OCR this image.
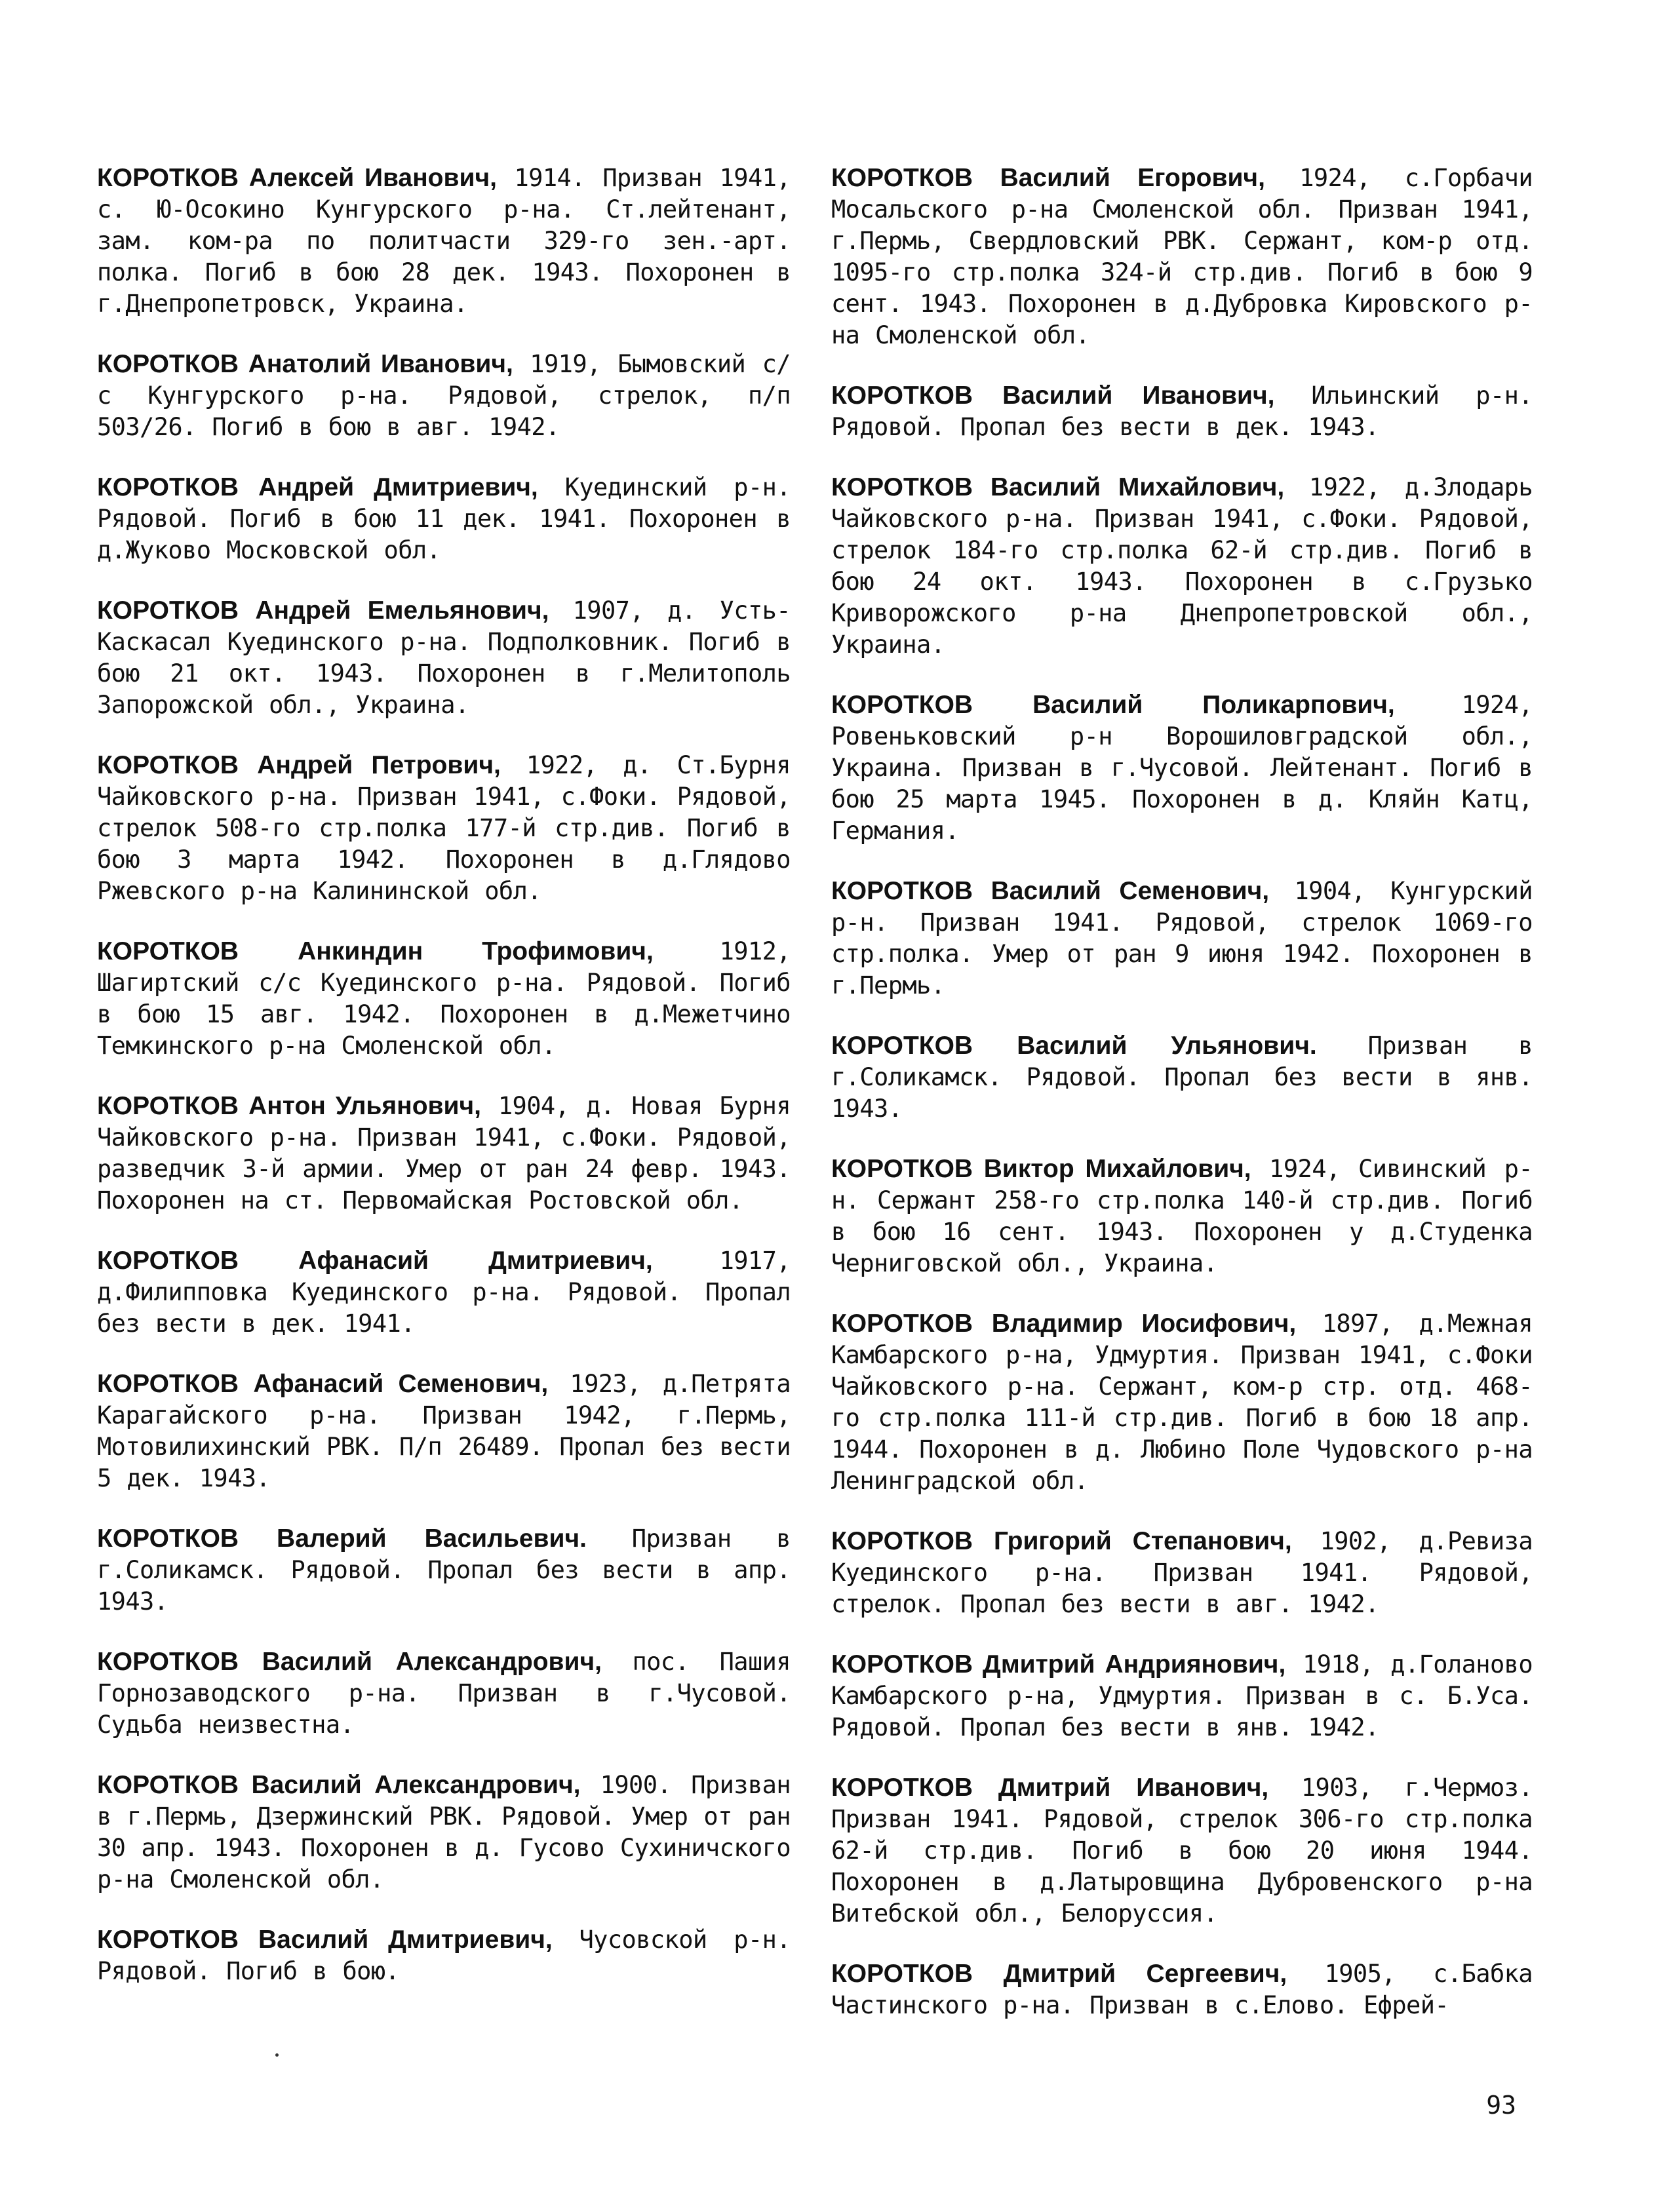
КОРОТКОВ Алексей Иванович, 1914. Призван 1941, с. Ю-Осокино Кунгурского р-на. Ст.лейтенант, зам. ком-ра по политчасти 329-го зен.-арт. полка. Погиб в бою 28 дек. 1943. Похоронен в г.Днепропетровск, Украина.

КОРОТКОВ Анатолий Иванович, 1919, Бымовский с/с Кунгурского р-на. Рядовой, стрелок, п/п 503/26. Погиб в бою в авг. 1942.

КОРОТКОВ Андрей Дмитриевич, Куединский р-н. Рядовой. Погиб в бою 11 дек. 1941. Похоронен в д.Жуково Московской обл.

КОРОТКОВ Андрей Емельянович, 1907, д. Усть-Каскасал Куединского р-на. Подполковник. Погиб в бою 21 окт. 1943. Похоронен в г.Мелитополь Запорожской обл., Украина.

КОРОТКОВ Андрей Петрович, 1922, д. Ст.Бурня Чайковского р-на. Призван 1941, с.Фоки. Рядовой, стрелок 508-го стр.полка 177-й стр.див. Погиб в бою 3 марта 1942. Похоронен в д.Глядово Ржевского р-на Калининской обл.

КОРОТКОВ Анкиндин Трофимович,	1912, Шагиртский с/с Куединского р-на. Рядовой. Погиб в бою 15 авг. 1942. Похоронен в д.Межетчино Темкинского р-на Смоленской обл.

КОРОТКОВ Антон Ульянович, 1904, д. Новая Бурня Чайковского р-на. Призван 1941, с.Фоки. Рядовой, разведчик 3-й армии. Умер от ран 24 февр. 1943. Похоронен на ст. Первомайская Ростовской обл.

КОРОТКОВ Афанасий Дмитриевич,	1917, д.Филипповка Куединского р-на. Рядовой. Пропал без вести в дек. 1941.

КОРОТКОВ Афанасий Семенович, 1923, д.Петрята Карагайского р-на. Призван 1942, г.Пермь, Мотовилихинский РВК. П/п 26489. Пропал без вести 5 дек. 1943.

КОРОТКОВ Валерий Васильевич. Призван в г.Соликамск. Рядовой. Пропал без вести в апр. 1943.

КОРОТКОВ Василий Александрович, пос. Пашия Горнозаводского р-на. Призван в г.Чусовой. Судьба неизвестна.

КОРОТКОВ Василий Александрович, 1900. Призван в г.Пермь, Дзержинский РВК. Рядовой. Умер от ран 30 апр. 1943. Похоронен в д. Гусово Сухиничского р-на Смоленской обл.

КОРОТКОВ Василий Дмитриевич, Чусовской р-н. Рядовой. Погиб в бою.

КОРОТКОВ Василий Егорович, 1924, с.Горбачи Мосальского р-на Смоленской обл. Призван 1941, г.Пермь, Свердловский РВК. Сержант, ком-р отд. 1095-го стр.полка 324-й стр.див. Погиб в бою 9 сент. 1943. Похоронен в д.Дубровка Кировского р-на Смоленской обл.

КОРОТКОВ Василий Иванович, Ильинский р-н. Рядовой. Пропал без вести в дек. 1943.

КОРОТКОВ Василий Михайлович, 1922, д.Злодарь Чайковского р-на. Призван 1941, с.Фоки. Рядовой, стрелок 184-го стр.полка 62-й стр.див. Погиб в бою 24 окт. 1943. Похоронен в с.Грузько Криворожского р-на Днепропетровской обл., Украина.

КОРОТКОВ Василий Поликарпович,	1924, Ровеньковский р-н Ворошиловградской обл., Украина. Призван в г.Чусовой. Лейтенант. Погиб в бою 25 марта 1945. Похоронен в д. Кляйн Катц, Германия.

КОРОТКОВ Василий Семенович, 1904, Кунгурский р-н. Призван 1941. Рядовой, стрелок 1069-го стр.полка. Умер от ран 9 июня 1942. Похоронен в г.Пермь.

КОРОТКОВ Василий Ульянович. Призван в г.Соликамск. Рядовой. Пропал без вести в янв. 1943.

КОРОТКОВ Виктор Михайлович, 1924, Сивинский р-н. Сержант 258-го стр.полка 140-й стр.див. Погиб в бою 16 сент. 1943. Похоронен у д.Студенка Черниговской обл., Украина.

КОРОТКОВ Владимир Иосифович, 1897, д.Межная Камбарского р-на, Удмуртия. Призван 1941, с.Фоки Чайковского р-на. Сержант, ком-р стр. отд. 468-го стр.полка 111-й стр.див. Погиб в бою 18 апр. 1944. Похоронен в д. Любино Поле Чудовского р-на Ленинградской обл.

КОРОТКОВ Григорий Степанович, 1902, д.Ревиза Куединского р-на. Призван 1941. Рядовой, стрелок. Пропал без вести в авг. 1942.

КОРОТКОВ Дмитрий Андриянович, 1918, д.Голаново Камбарского р-на, Удмуртия. Призван в с. Б.Уса. Рядовой. Пропал без вести в янв. 1942.

КОРОТКОВ Дмитрий Иванович, 1903, г.Чермоз. Призван 1941. Рядовой, стрелок 306-го стр.полка 62-й стр.див. Погиб в бою 20 июня 1944. Похоронен в д.Латыровщина Дубровенского р-на Витебской обл., Белоруссия.

КОРОТКОВ Дмитрий Сергеевич, 1905, с.Бабка Частинского р-на. Призван в с.Елово. Ефрей-

93
